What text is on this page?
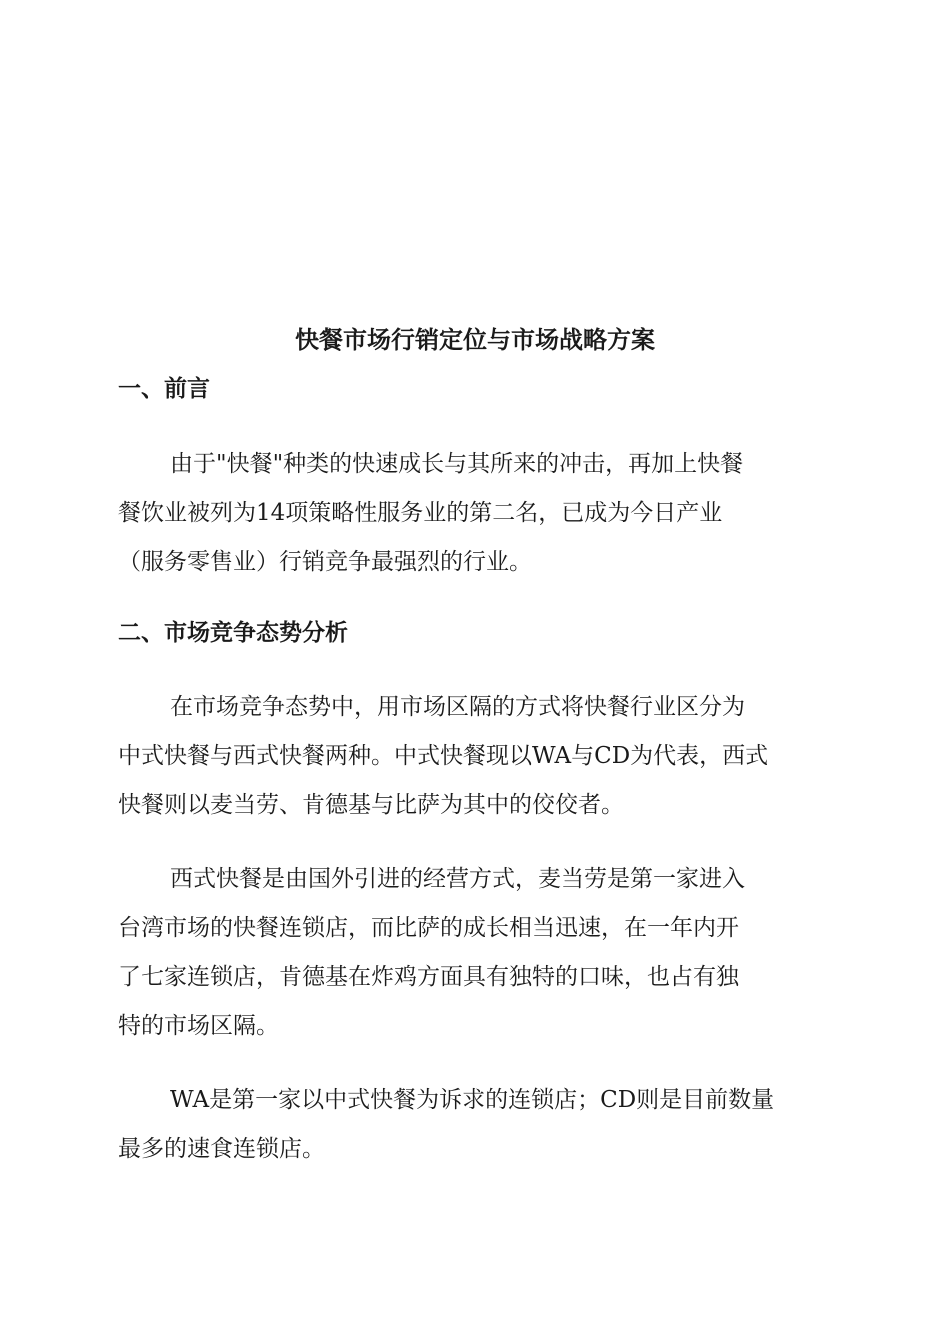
快餐市场行销定位与市场战略方案
一、前言

由于"快餐"种类的快速成长与其所来的冲击，再加上快餐
餐饮业被列为14项策略性服务业的第二名，已成为今日产业
（服务零售业）行销竞争最强烈的行业。

二、市场竞争态势分析

在市场竞争态势中，用市场区隔的方式将快餐行业区分为
中式快餐与西式快餐两种。中式快餐现以WA与CD为代表，西式
快餐则以麦当劳、肯德基与比萨为其中的佼佼者。

西式快餐是由国外引进的经营方式，麦当劳是第一家进入
台湾市场的快餐连锁店，而比萨的成长相当迅速，在一年内开
了七家连锁店，肯德基在炸鸡方面具有独特的口味，也占有独
特的市场区隔。

WA是第一家以中式快餐为诉求的连锁店；CD则是目前数量
最多的速食连锁店。
